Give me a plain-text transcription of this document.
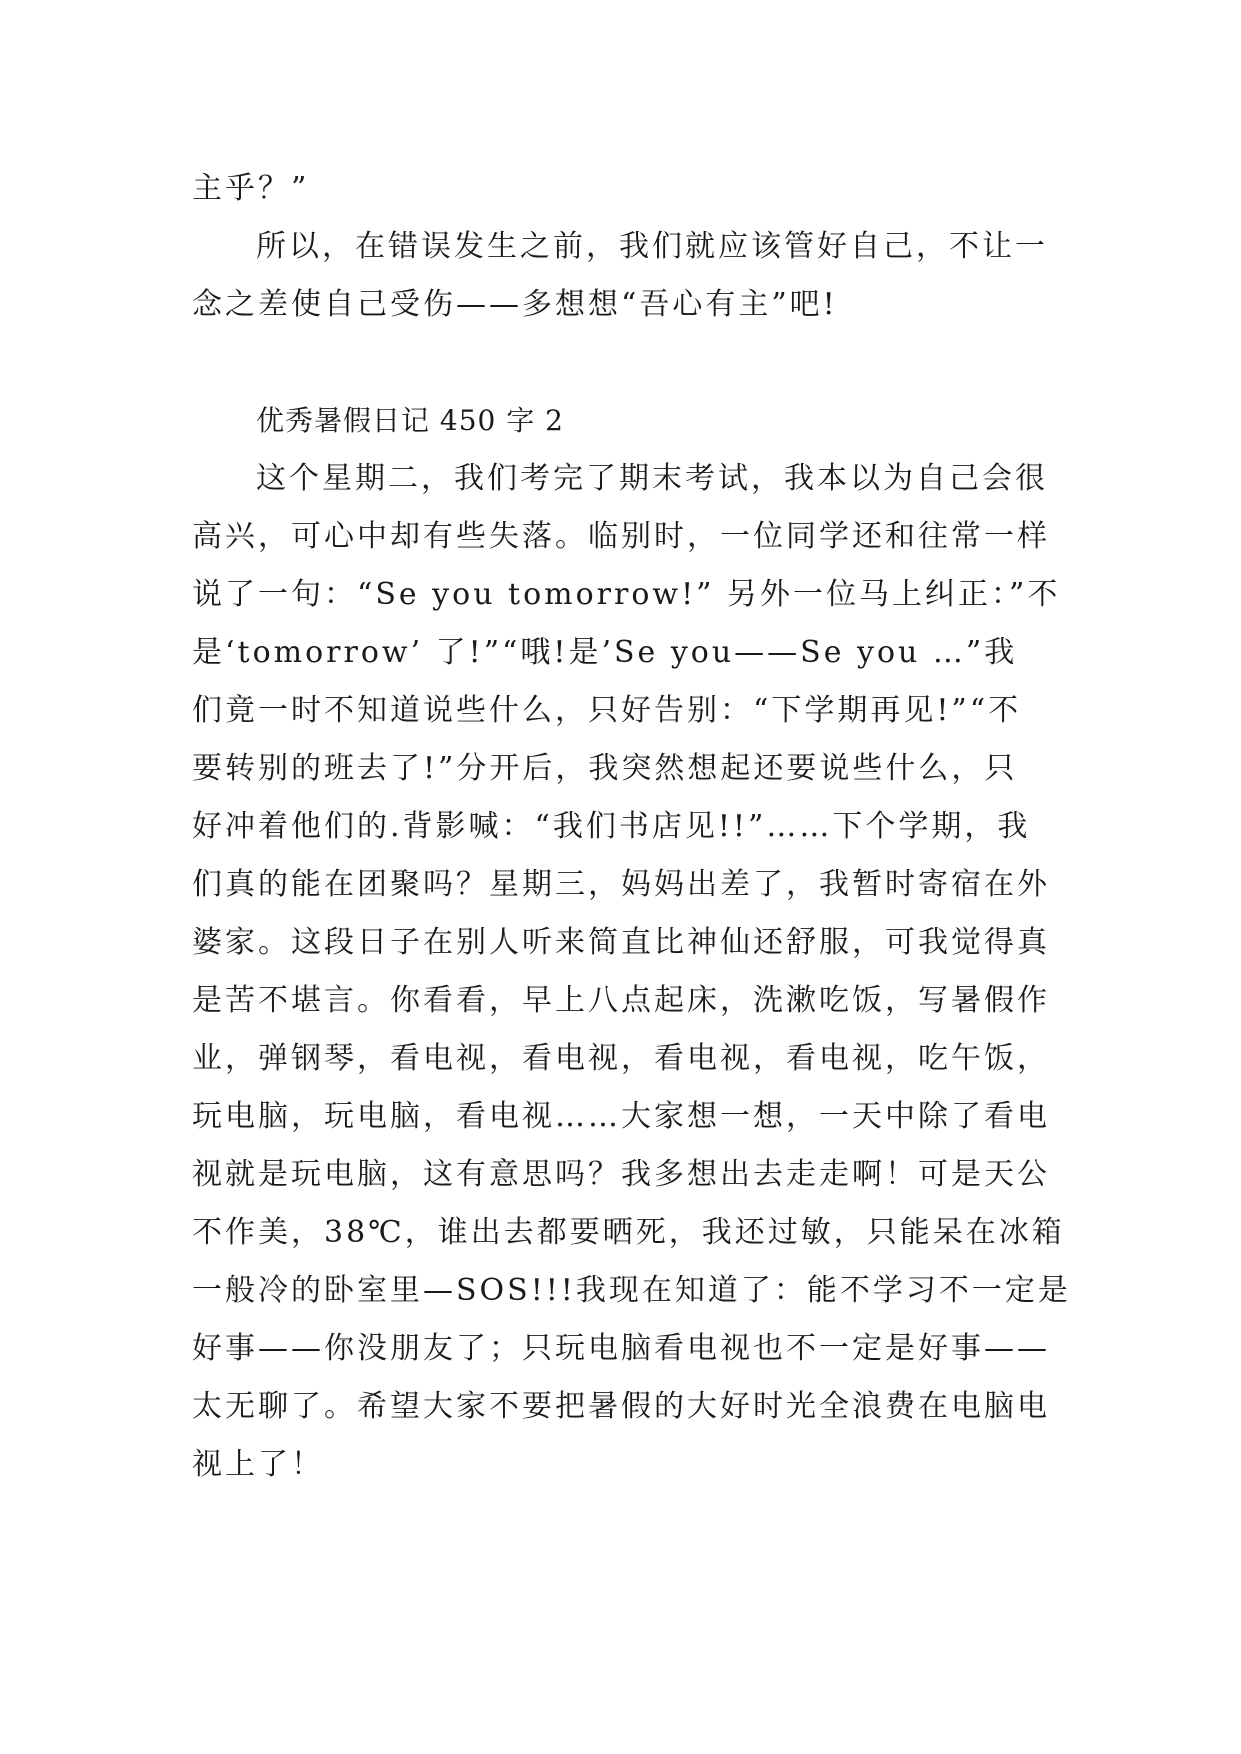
主乎？”
所以，在错误发生之前，我们就应该管好自己，不让一
念之差使自己受伤——多想想“吾心有主”吧!
优秀暑假日记 450 字 2
这个星期二，我们考完了期末考试，我本以为自己会很
高兴，可心中却有些失落。临别时，一位同学还和往常一样
说了一句：“Se you tomorrow!” 另外一位马上纠正：”不
是‘tomorrow’ 了!”“哦!是’Se you——Se you …”我
们竟一时不知道说些什么，只好告别：“下学期再见!”“不
要转别的班去了!”分开后，我突然想起还要说些什么，只
好冲着他们的.背影喊：“我们书店见!!”……下个学期，我
们真的能在团聚吗？星期三，妈妈出差了，我暂时寄宿在外
婆家。这段日子在别人听来简直比神仙还舒服，可我觉得真
是苦不堪言。你看看，早上八点起床，洗漱吃饭，写暑假作
业，弹钢琴，看电视，看电视，看电视，看电视，吃午饭，
玩电脑，玩电脑，看电视……大家想一想，一天中除了看电
视就是玩电脑，这有意思吗？我多想出去走走啊！可是天公
不作美，38℃，谁出去都要晒死，我还过敏，只能呆在冰箱
一般冷的卧室里—SOS!!!我现在知道了：能不学习不一定是
好事——你没朋友了；只玩电脑看电视也不一定是好事——
太无聊了。希望大家不要把暑假的大好时光全浪费在电脑电
视上了！
